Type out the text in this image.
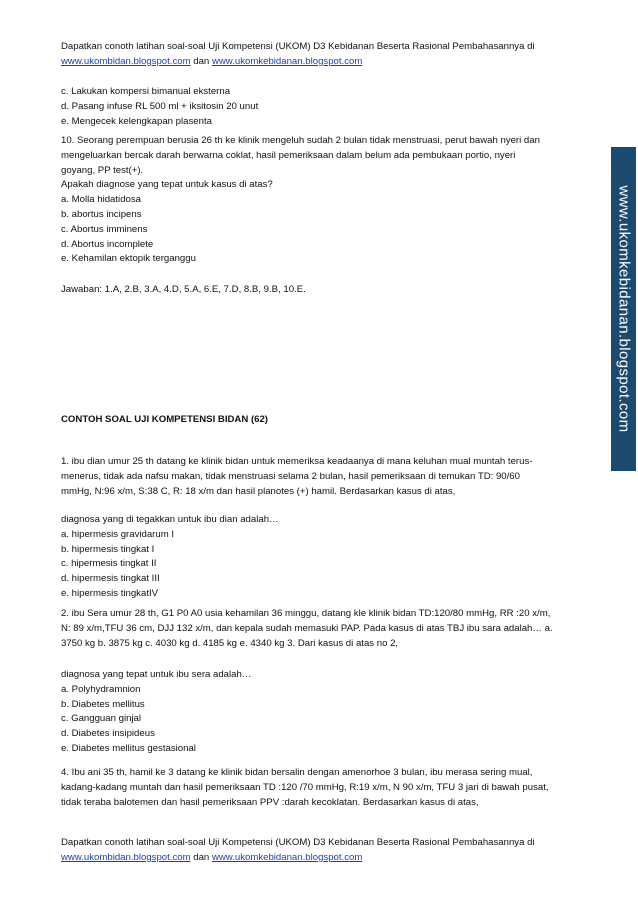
Dapatkan conoth latihan soal-soal Uji Kompetensi (UKOM) D3 Kebidanan Beserta Rasional Pembahasannya di

www.ukombidan.blogspot.com dan www.ukomkebidanan.blogspot.com

c. Lakukan kompersi bimanual eksterna

d. Pasang infuse RL 500 ml + iksitosin 20 unut

e. Mengecek kelengkapan plasenta

10. Seorang perempuan berusia 26 th ke klinik mengeluh sudah 2 bulan tidak menstruasi, perut bawah nyeri dan

mengeluarkan bercak darah berwarna coklat, hasil pemeriksaan dalam belum ada pembukaan portio, nyeri

goyang, PP test(+).

Apakah diagnose yang tepat untuk kasus di atas?

a. Molla hidatidosa

b. abortus incipens

c. Abortus imminens

d. Abortus incomplete

e. Kehamilan ektopik terganggu

Jawaban: 1.A, 2.B, 3.A, 4.D, 5.A, 6.E, 7.D, 8.B, 9.B, 10.E.

CONTOH SOAL UJI KOMPETENSI BIDAN (62)

1. ibu dian umur 25 th datang ke klinik bidan untuk memeriksa keadaanya di mana keluhan mual muntah terus-

menerus, tidak ada nafsu makan, tidak menstruasi selama 2 bulan, hasil pemeriksaan di temukan TD: 90/60

mmHg, N:96 x/m, S:38 C, R: 18 x/m dan hasil planotes (+) hamil. Berdasarkan kasus di atas,

diagnosa yang di tegakkan untuk ibu dian adalah…

a. hipermesis gravidarum I

b. hipermesis tingkat I

c. hipermesis tingkat II

d. hipermesis tingkat III

e. hipermesis tingkatIV

2. ibu Sera umur 28 th, G1 P0 A0 usia kehamilan 36 minggu, datang kle klinik bidan TD:120/80 mmHg, RR :20 x/m,

N: 89 x/m,TFU 36 cm, DJJ 132 x/m, dan kepala sudah memasuki PAP. Pada kasus di atas TBJ ibu sara adalah… a.

3750 kg b. 3875 kg c. 4030 kg d. 4185 kg e. 4340 kg 3. Dari kasus di atas no 2,

diagnosa yang tepat untuk ibu sera adalah…

a. Polyhydramnion

b. Diabetes mellitus

c. Gangguan ginjal

d. Diabetes insipideus

e. Diabetes mellitus gestasional

4. Ibu ani 35 th, hamil ke 3 datang ke klinik bidan bersalin dengan amenorhoe 3 bulan, ibu merasa sering mual,

kadang-kadang muntah dan hasil pemeriksaan TD :120 /70 mmHg, R:19 x/m, N 90 x/m, TFU 3 jari di bawah pusat,

tidak teraba balotemen dan hasil pemeriksaan PPV :darah kecoklatan. Berdasarkan kasus di atas,

Dapatkan conoth latihan soal-soal Uji Kompetensi (UKOM) D3 Kebidanan Beserta Rasional Pembahasannya di

www.ukombidan.blogspot.com dan www.ukomkebidanan.blogspot.com

www.ukomkebidanan.blogspot.com
